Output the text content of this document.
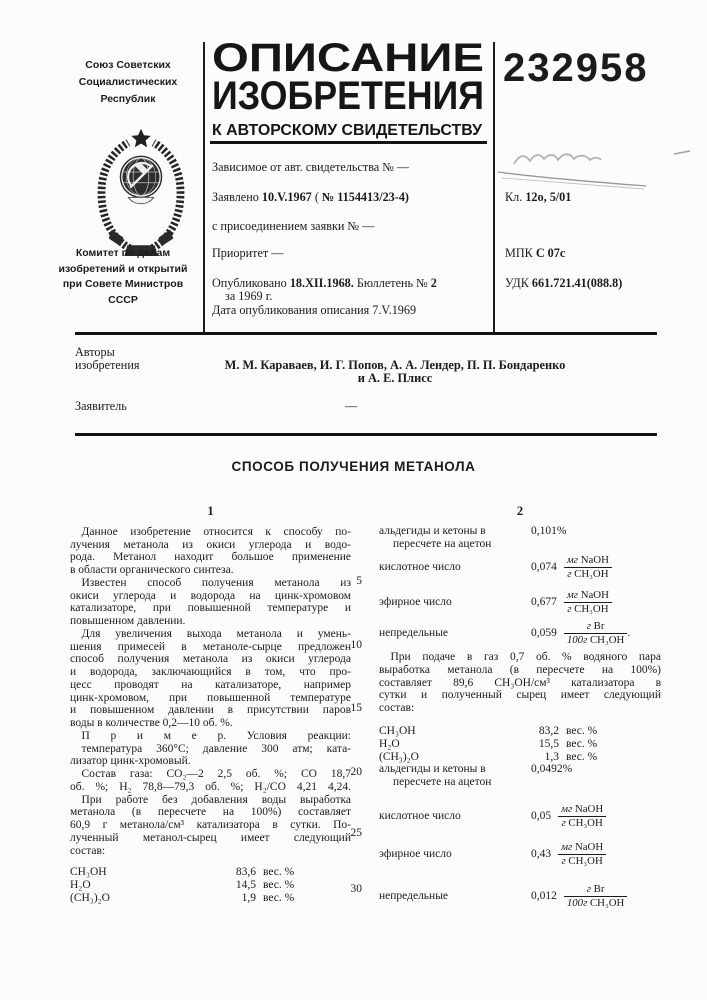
Союз Советских
Социалистических
Республик
Комитет по делам
изобретений и открытий
при Совете Министров
СССР
ОПИСАНИЕ
ИЗОБРЕТЕНИЯ
К АВТОРСКОМУ СВИДЕТЕЛЬСТВУ
232958
Зависимое от авт. свидетельства № —
Заявлено 10.V.1967 ( № 1154413/23-4)
с присоединением заявки № —
Приоритет —
Опубликовано 18.XII.1968. Бюллетень № 2
за 1969 г.
Дата опубликования описания 7.V.1969
Кл. 12о, 5/01
МПК С 07с
УДК 661.721.41(088.8)
Авторы
изобретения	М. М. Караваев, И. Г. Попов, А. А. Лендер, П. П. Бондаренко
и А. Е. Плисс
Заявитель	—
СПОСОБ ПОЛУЧЕНИЯ МЕТАНОЛА
5
10
15
20
25
30
1
 Данное изобретение относится к способу по-
лучения метанола из окиси углерода и водо-
рода. Метанол находит большое применение
в области органического синтеза.
 Известен способ получения метанола из
окиси углерода и водорода на цинк-хромовом
катализаторе, при повышенной температуре и
повышенном давлении.
 Для увеличения выхода метанола и умень-
шения примесей в метаноле-сырце предложен
способ получения метанола из окиси углерода
и водорода, заключающийся в том, что про-
цесс проводят на катализаторе, например
цинк-хромовом, при повышенной температуре
и повышенном давлении в присутствии паров
воды в количестве 0,2—10 об. %.
 П р и м е р. Условия реакции:
 температура 360°С; давление 300 атм; ката-
лизатор цинк-хромовый.
 Состав газа: СО₂—2 2,5 об. %; СО 18,7
об. %; Н₂ 78,8—79,3 об. %; Н₂/СО 4,21 4,24.
 При работе без добавления воды выработка
метанола (в пересчете на 100%) составляет
60,9 г метанола/см³ катализатора в сутки. По-
лученный метанол-сырец имеет следующий
состав:
CH₃OH	83,6 вес. %
H₂O	14,5 вес. %
(CH₃)₂O	1,9 вес. %
2
альдегиды и кетоны в	0,101%
пересчете на ацетон
кислотное число	$0,074 \frac{\text{мг NaOH}}{\text{г CH₃OH}}$
эфирное число	$0,677 \frac{\text{мг NaOH}}{\text{г CH₃OH}}$
непредельные	$0,059 \frac{\text{г Br}}{\text{100г CH₃OH}}$ .
 При подаче в газ 0,7 об. % водяного пара
выработка метанола (в пересчете на 100%)
составляет 89,6 СН₃ОН/см³ катализатора в
сутки и полученный сырец имеет следующий
состав:
CH₃OH	83,2 вес. %
H₂O	15,5 вес. %
(CH₃)₂O	1,3 вес. %
альдегиды и кетоны в	0,0492%
пересчете на ацетон
кислотное число	$0,05 \frac{\text{мг NaOH}}{\text{г CH₃OH}}$
эфирное число	$0,43 \frac{\text{мг NaOH}}{\text{г CH₃OH}}$
непредельные	$0,012 \frac{\text{г Br}}{\text{100г CH₃OH}}$
